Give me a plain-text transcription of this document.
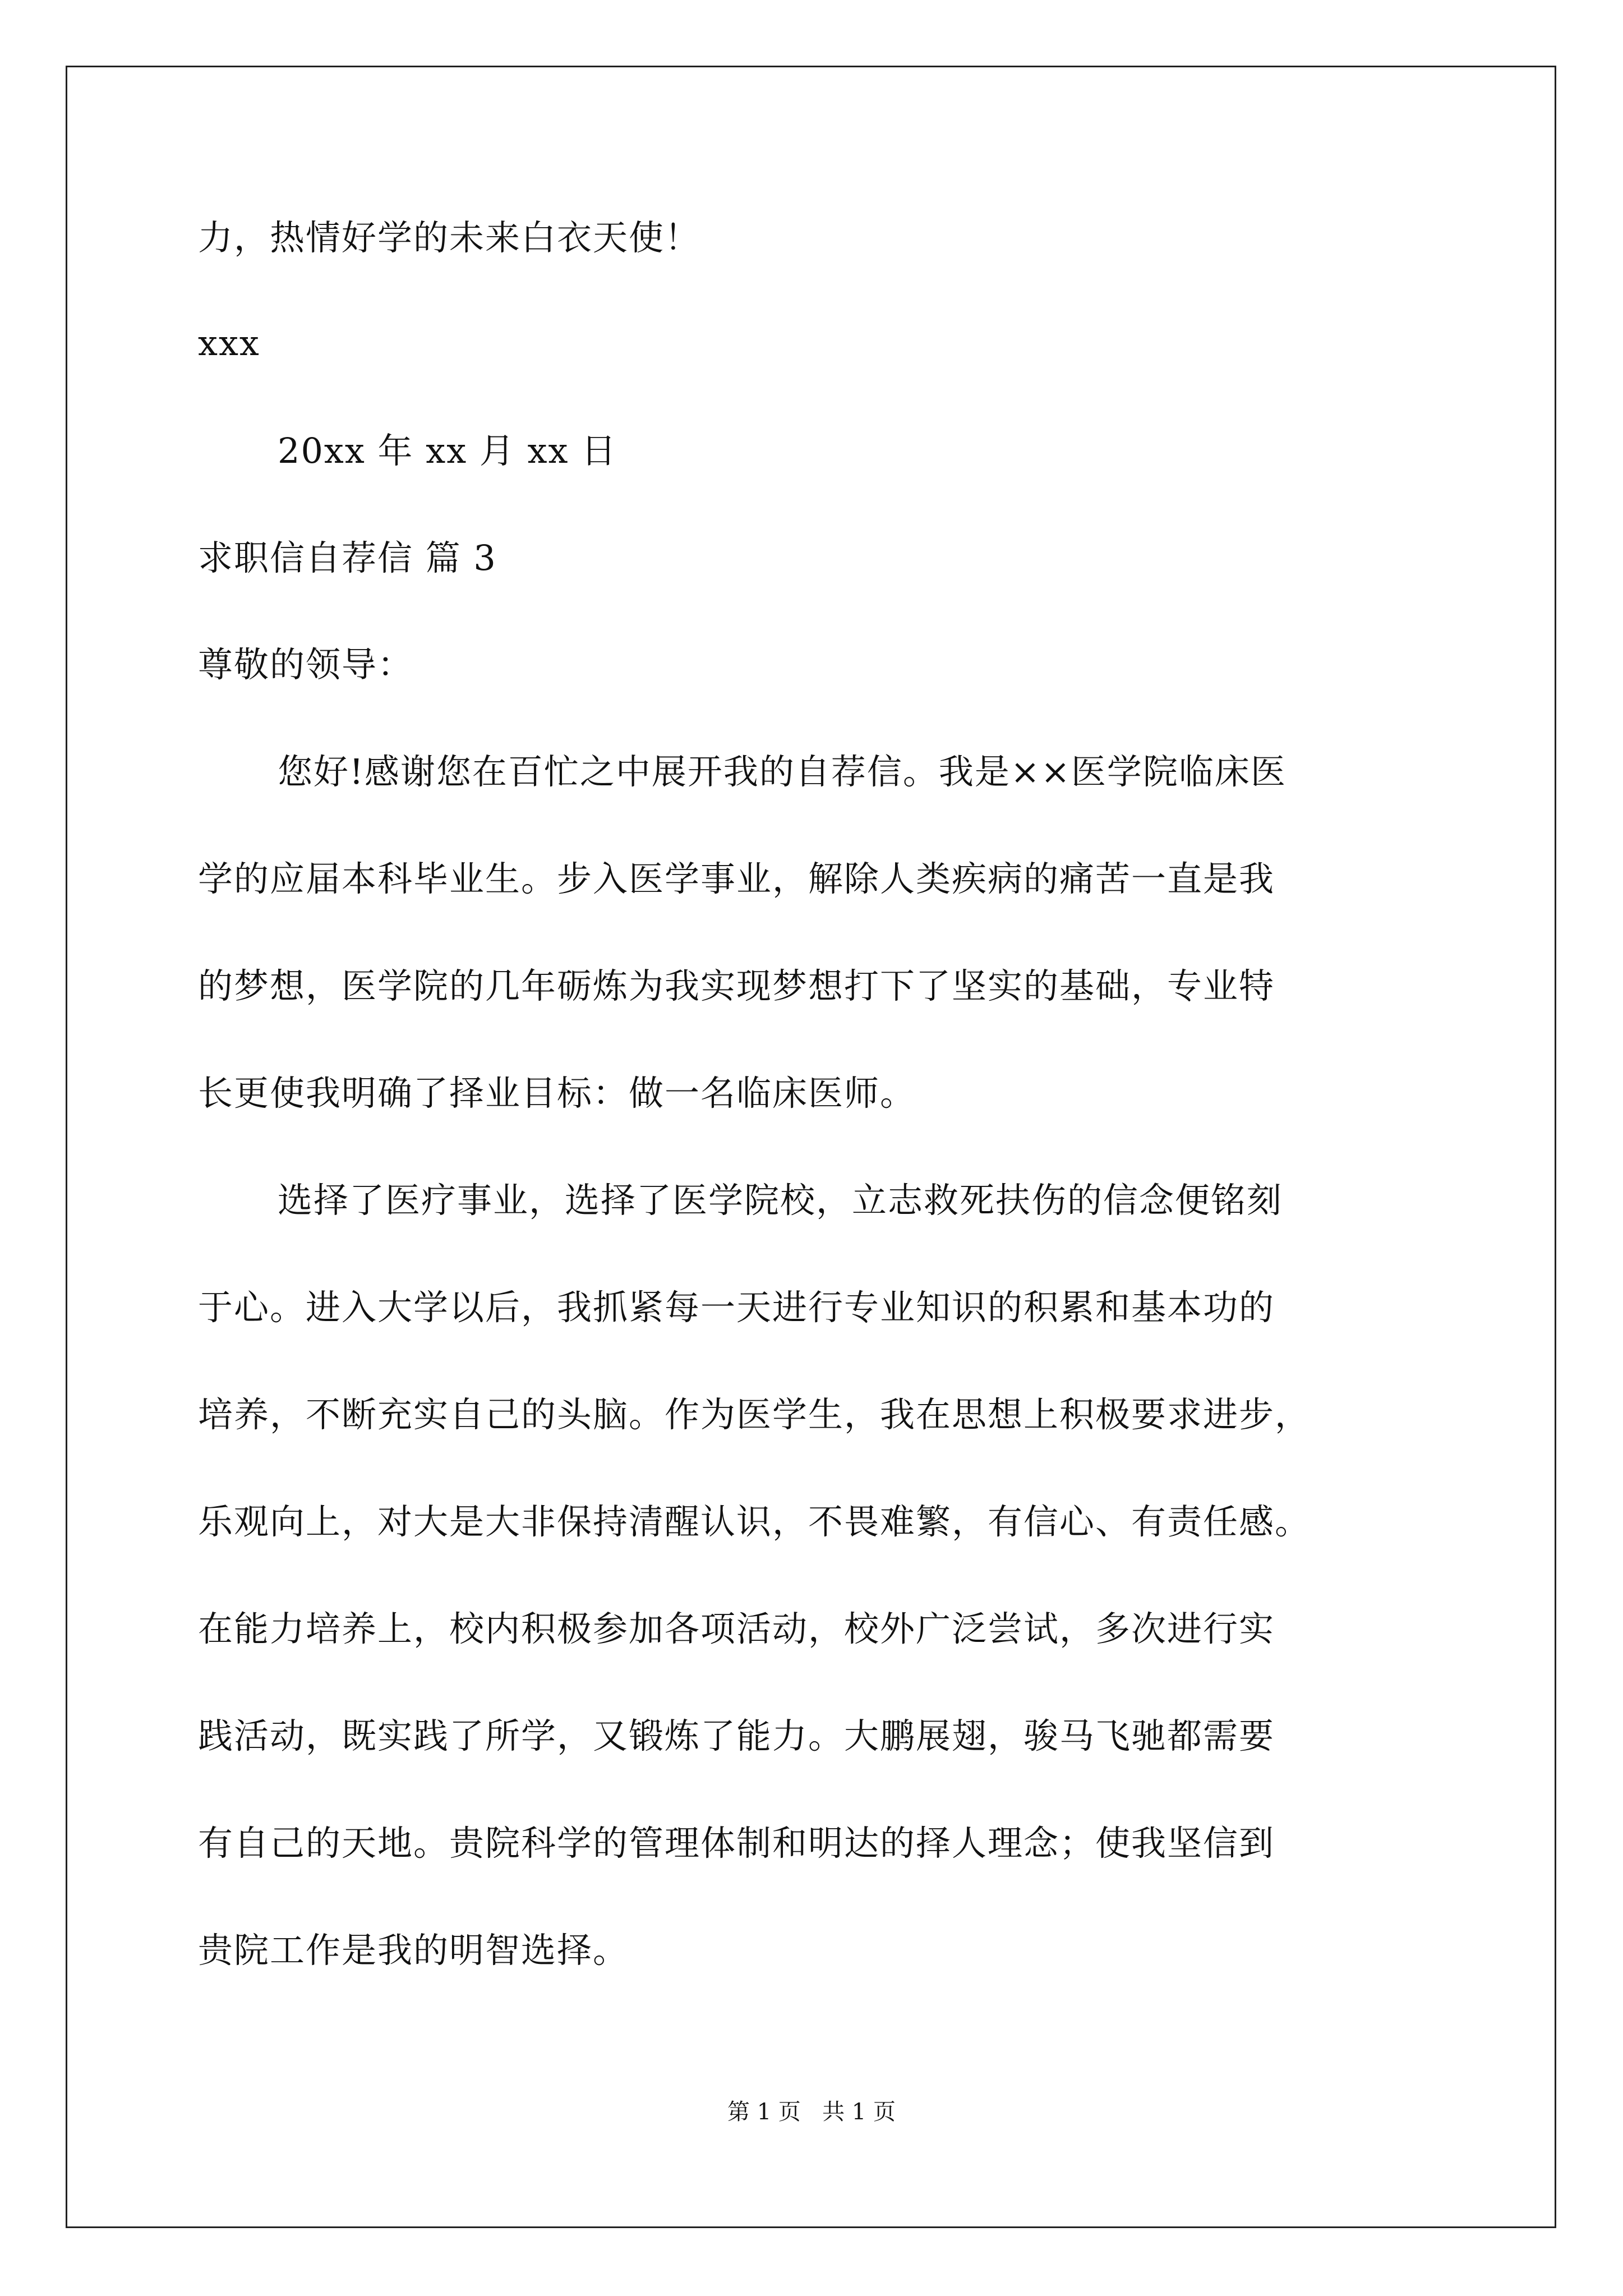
力，热情好学的未来白衣天使！

xxx

20xx 年 xx 月 xx 日

求职信自荐信 篇 3

尊敬的领导：

您好!感谢您在百忙之中展开我的自荐信。我是××医学院临床医

学的应届本科毕业生。步入医学事业，解除人类疾病的痛苦一直是我

的梦想，医学院的几年砺炼为我实现梦想打下了坚实的基础，专业特

长更使我明确了择业目标：做一名临床医师。

选择了医疗事业，选择了医学院校，立志救死扶伤的信念便铭刻

于心。进入大学以后，我抓紧每一天进行专业知识的积累和基本功的

培养，不断充实自己的头脑。作为医学生，我在思想上积极要求进步，

乐观向上，对大是大非保持清醒认识，不畏难繁，有信心、有责任感。

在能力培养上，校内积极参加各项活动，校外广泛尝试，多次进行实

践活动，既实践了所学，又锻炼了能力。大鹏展翅，骏马飞驰都需要

有自己的天地。贵院科学的管理体制和明达的择人理念；使我坚信到

贵院工作是我的明智选择。

第 1 页   共 1 页
